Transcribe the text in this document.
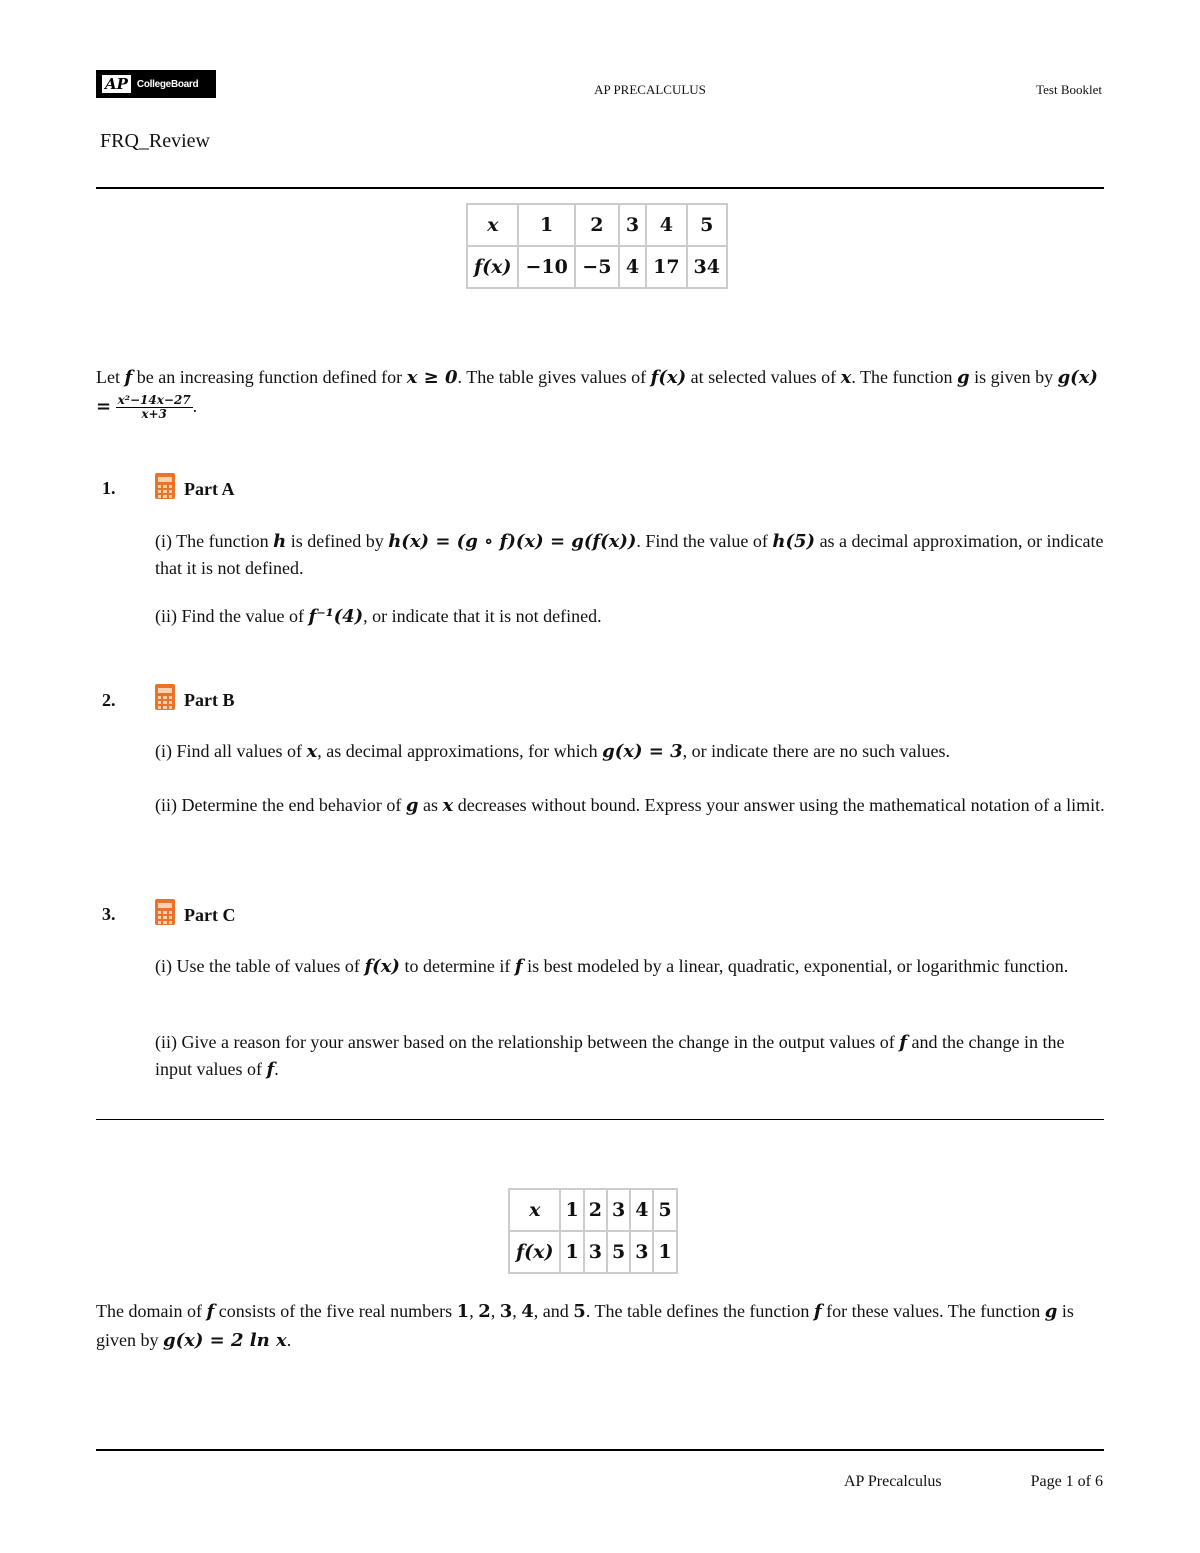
AP CollegeBoard	AP PRECALCULUS	Test Booklet
FRQ_Review
x	1	2	3	4	5
f(x)	−10	−5	4	17	34
Let f be an increasing function defined for x ≥ 0. The table gives values of f(x) at selected values of x. The function g is given by $g(x) = \frac{\text{x²−14x−27}}{x+3}$ .
1.	Part A
(i) The function h is defined by h(x) = (g ∘ f)(x) = g(f(x)). Find the value of h(5) as a decimal approximation, or indicate that it is not defined.
(ii) Find the value of f⁻¹(4), or indicate that it is not defined.
2.	Part B
(i) Find all values of x, as decimal approximations, for which g(x) = 3, or indicate there are no such values.
(ii) Determine the end behavior of g as x decreases without bound. Express your answer using the mathematical notation of a limit.
3.	Part C
(i) Use the table of values of f(x) to determine if f is best modeled by a linear, quadratic, exponential, or logarithmic function.
(ii) Give a reason for your answer based on the relationship between the change in the output values of f and the change in the input values of f.
x	1	2	3	4	5
f(x)	1	3	5	3	1
The domain of f consists of the five real numbers 1, 2, 3, 4, and 5. The table defines the function f for these values. The function g is given by g(x) = 2 ln x.
AP Precalculus	Page 1 of 6
